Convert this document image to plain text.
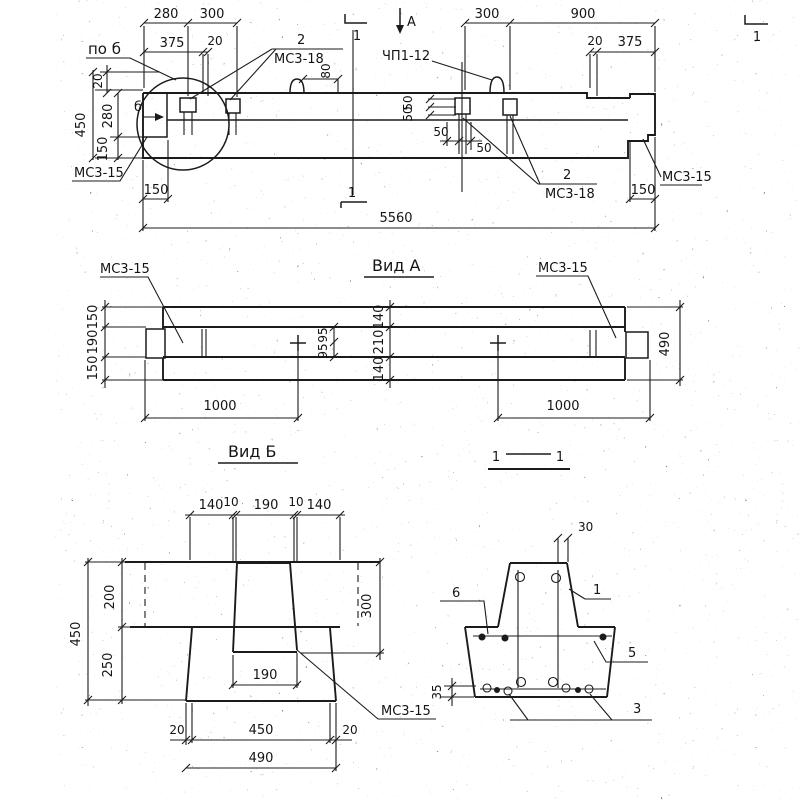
1	1
1
А
280 300
375 20
300	900
20 375
20
450 280
150
80
50
50
50
50
150	150
5560
по б
б
МС3-15
2
МС3-18	ЧП1-12
2
МС3-18
МС3-15
Вид А
150
190
150
95
95
140
210
140
490
1000	1000
МС3-15	МС3-15
Вид Б
140 10 190 10 140
450
200
250
300
190
20	450	20
490
МС3-15
1	1
30
6	1
5
3
35
